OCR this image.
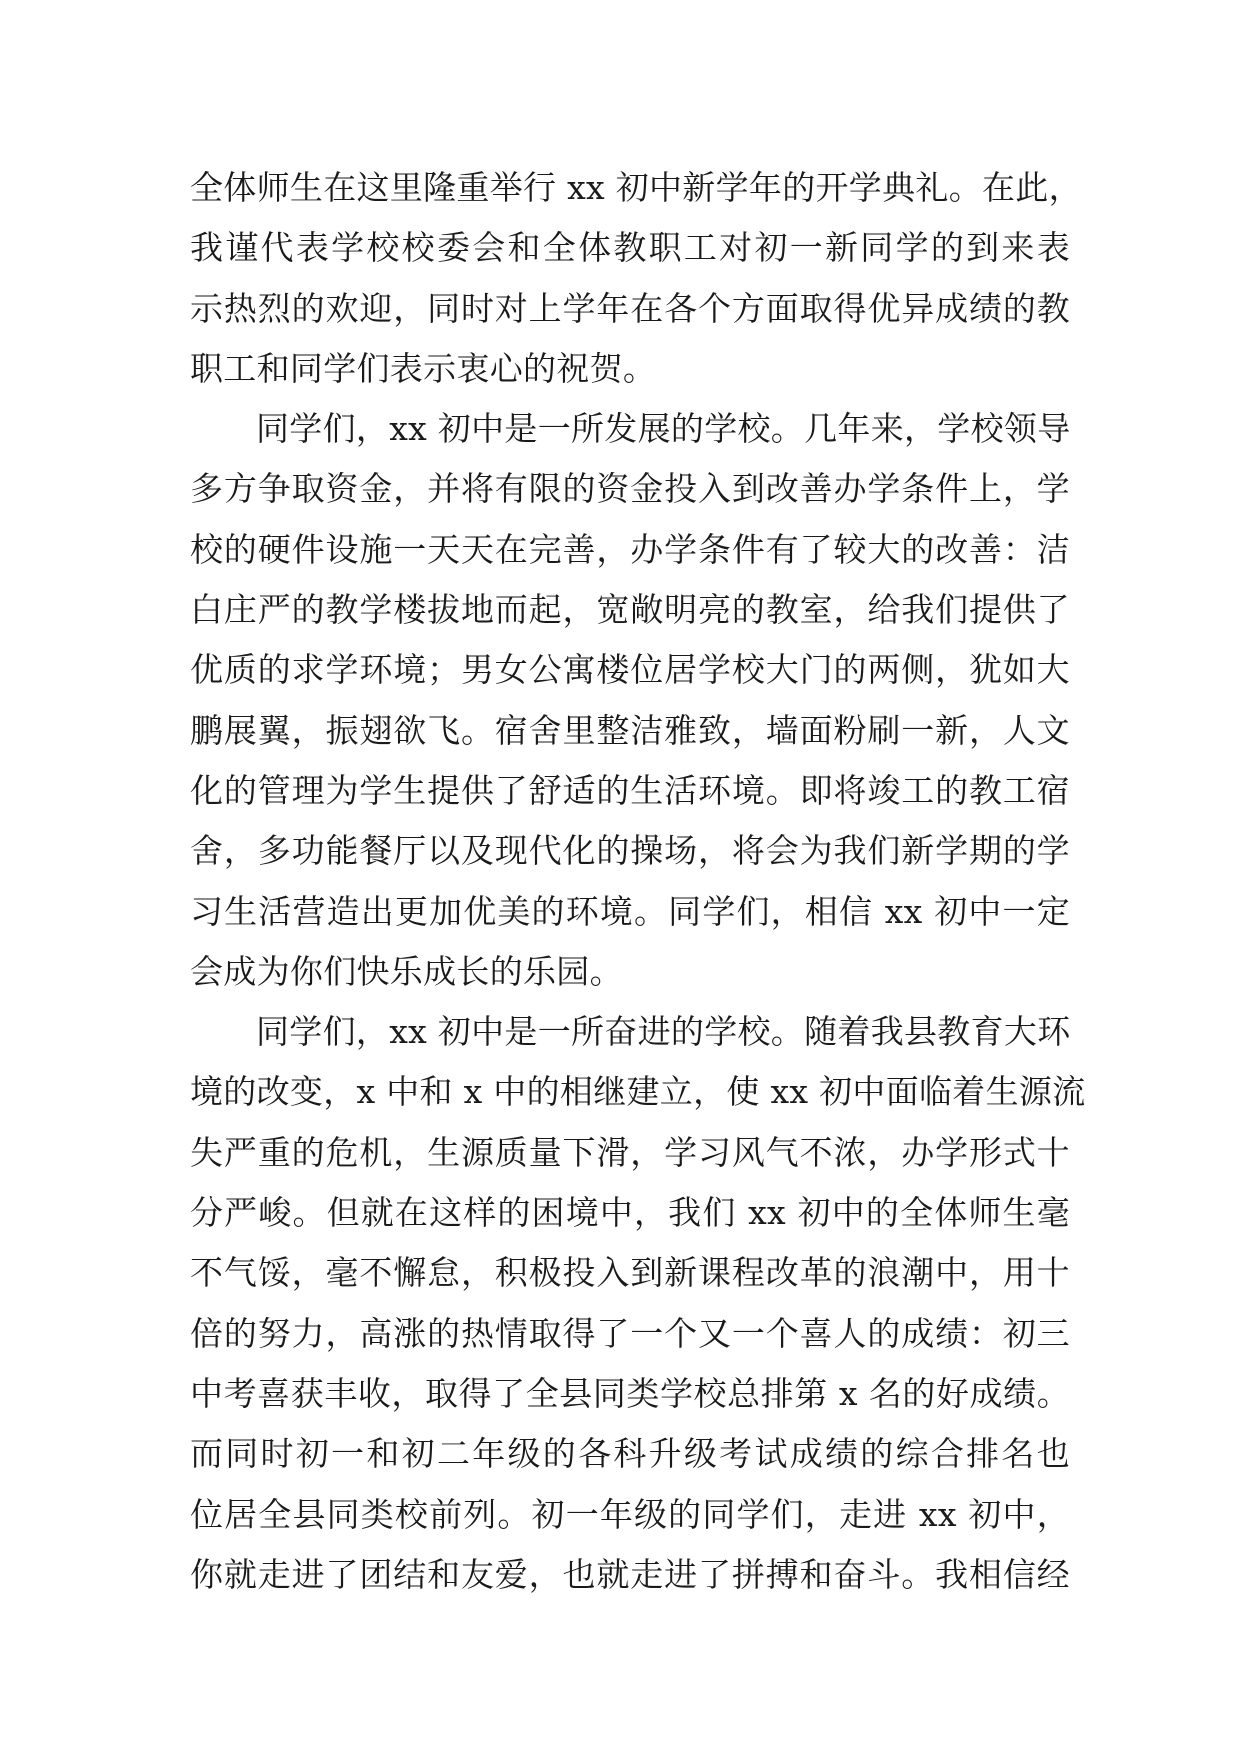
全体师生在这里隆重举行 xx 初中新学年的开学典礼。在此，
我谨代表学校校委会和全体教职工对初一新同学的到来表
示热烈的欢迎，同时对上学年在各个方面取得优异成绩的教
职工和同学们表示衷心的祝贺。
同学们，xx 初中是一所发展的学校。几年来，学校领导
多方争取资金，并将有限的资金投入到改善办学条件上，学
校的硬件设施一天天在完善，办学条件有了较大的改善：洁
白庄严的教学楼拔地而起，宽敞明亮的教室，给我们提供了
优质的求学环境；男女公寓楼位居学校大门的两侧，犹如大
鹏展翼，振翅欲飞。宿舍里整洁雅致，墙面粉刷一新，人文
化的管理为学生提供了舒适的生活环境。即将竣工的教工宿
舍，多功能餐厅以及现代化的操场，将会为我们新学期的学
习生活营造出更加优美的环境。同学们，相信 xx 初中一定
会成为你们快乐成长的乐园。
同学们，xx 初中是一所奋进的学校。随着我县教育大环
境的改变，x 中和 x 中的相继建立，使 xx 初中面临着生源流
失严重的危机，生源质量下滑，学习风气不浓，办学形式十
分严峻。但就在这样的困境中，我们 xx 初中的全体师生毫
不气馁，毫不懈怠，积极投入到新课程改革的浪潮中，用十
倍的努力，高涨的热情取得了一个又一个喜人的成绩：初三
中考喜获丰收，取得了全县同类学校总排第 x 名的好成绩。
而同时初一和初二年级的各科升级考试成绩的综合排名也
位居全县同类校前列。初一年级的同学们，走进 xx 初中，
你就走进了团结和友爱，也就走进了拼搏和奋斗。我相信经
